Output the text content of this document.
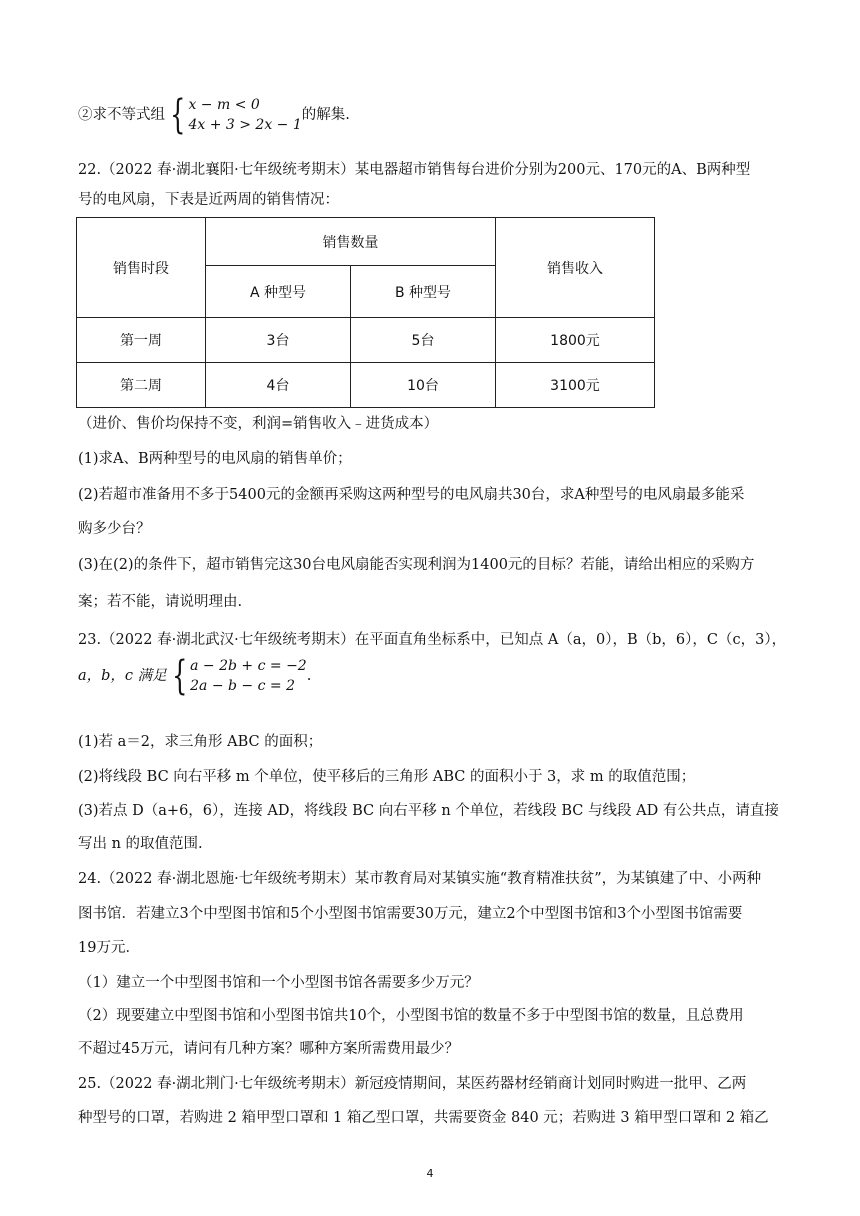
②求不等式组 { x − m < 0
4x + 3 > 2x − 1
的解集.
22.（2022 春·湖北襄阳·七年级统考期末）某电器超市销售每台进价分别为200元、170元的A、B两种型
号的电风扇，下表是近两周的销售情况：
销售时段	销售数量		销售收入
	A 种型号	B 种型号	
第一周	3台	5台	1800元
第二周	4台	10台	3100元
（进价、售价均保持不变，利润=销售收入﹣进货成本）
(1)求A、B两种型号的电风扇的销售单价；
(2)若超市准备用不多于5400元的金额再采购这两种型号的电风扇共30台，求A种型号的电风扇最多能采
购多少台？
(3)在(2)的条件下，超市销售完这30台电风扇能否实现利润为1400元的目标？若能，请给出相应的采购方
案；若不能，请说明理由.
23.（2022 春·湖北武汉·七年级统考期末）在平面直角坐标系中，已知点 A（a，0），B（b，6），C（c，3），
a，b，c 满足 { a − 2b + c = −2
2a − b − c = 2
.
(1)若 a＝2，求三角形 ABC 的面积；
(2)将线段 BC 向右平移 m 个单位，使平移后的三角形 ABC 的面积小于 3，求 m 的取值范围；
(3)若点 D（a+6，6），连接 AD，将线段 BC 向右平移 n 个单位，若线段 BC 与线段 AD 有公共点，请直接
写出 n 的取值范围.
24.（2022 春·湖北恩施·七年级统考期末）某市教育局对某镇实施“教育精准扶贫”，为某镇建了中、小两种
图书馆．若建立3个中型图书馆和5个小型图书馆需要30万元，建立2个中型图书馆和3个小型图书馆需要
19万元．
（1）建立一个中型图书馆和一个小型图书馆各需要多少万元？
（2）现要建立中型图书馆和小型图书馆共10个，小型图书馆的数量不多于中型图书馆的数量，且总费用
不超过45万元，请问有几种方案？哪种方案所需费用最少？
25.（2022 春·湖北荆门·七年级统考期末）新冠疫情期间，某医药器材经销商计划同时购进一批甲、乙两
种型号的口罩，若购进 2 箱甲型口罩和 1 箱乙型口罩，共需要资金 840 元；若购进 3 箱甲型口罩和 2 箱乙
4
